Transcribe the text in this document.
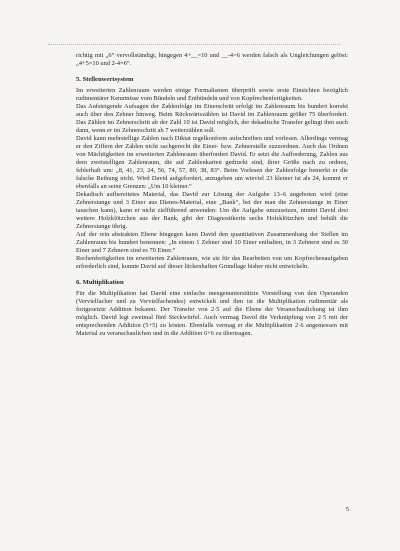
richtig mit „6“ vervollständigt, hingegen 4+__=10 und __-4=6 werden falsch als Ungleichungen gelöst: „4+5=10 und 2-4=6“.

5. Stellenwertsystem

Im erweiterten Zahlenraum werden einige Formalismen überprüft sowie erste Einsichten bezüglich rudimentärer Kenntnisse vom Bündeln und Entbündeln und von Kopfrechenfertigkeiten.

Das Aufsteigende Aufsagen der Zahlenfolge im Einerschritt erfolgt im Zahlenraum bis hundert korrekt auch über den Zehner hinweg. Beim Rückwärtszählen ist David im Zahlenraum größer 75 überfordert. Das Zählen im Zehnerschritt ab der Zahl 10 ist David möglich, der dekadische Transfer gelingt ihm auch dann, wenn er im Zehnerschritt ab 7 weiterzählen soll.

David kann mehrstellige Zahlen nach Diktat regelkonform aufschreiben und vorlesen. Allerdings vermag er den Ziffern der Zahlen nicht sachgerecht die Einer- bzw. Zehnerstelle zuzuordnen. Auch das Ordnen von Mächtigkeiten im erweiterten Zahlenraum überfordert David. Er setzt die Aufforderung, Zahlen aus dem zweistelligen Zahlenraum, die auf Zahlenkarten gedruckt sind, ihrer Größe nach zu ordnen, fehlerhaft um: „8, 41, 23, 24, 56, 74, 57, 80, 38, 83“. Beim Vorlesen der Zahlenfolge bemerkt er die falsche Reihung nicht. Wird David aufgefordert, anzugeben um wieviel 23 kleiner ist als 24, kommt er ebenfalls an seine Grenzen: „Um 10 kleiner.“

Dekadisch aufbereitetes Material, das David zur Lösung der Aufgabe 13–6 angeboten wird (eine Zehnerstange und 3 Einer aus Dienes-Material, eine „Bank“, bei der man die Zehnerstange in Einer tauschen kann), kann er nicht zielführend anwenden: Um die Aufgabe umzusetzen, nimmt David drei weitere Holzklötzchen aus der Bank, gibt der Diagnostikerin sechs Holzklötzchen und behält die Zehnerstange übrig.

Auf der rein abstrakten Ebene hingegen kann David den quantitativen Zusammenhang der Stellen im Zahlenraum bis hundert benennen: „In einem 1 Zehner sind 10 Einer enthalten, in 3 Zehnern sind es 30 Einer und 7 Zehnern sind es 70 Einer.“

Rechenfertigkeiten im erweiterten Zahlenraum, wie sie für das Bearbeiten von um Kopfrechenaufgaben erforderlich sind, konnte David auf dieser lückenhaften Grundlage bisher nicht entwickeln.

6. Multiplikation

Für die Multiplikation hat David eine einfache mengenunterstützte Vorstellung von den Operanden (Vervielfacher und zu Vervielfachendes) entwickelt und ihm ist die Multiplikation rudimentär als fortgesetzte Addition bekannt. Der Transfer von 2·5 auf die Ebene der Veranschaulichung ist ihm möglich. David legt zweimal fünf Steckwürfel. Auch vermag David die Verknüpfung von 2·5 mit der entsprechenden Addition (5+5) zu leisten. Ebenfalls vermag er die Multiplikation 2·6 angemessen mit Material zu veranschaulichen und in die Addition 6+6 zu übertragen.

5
